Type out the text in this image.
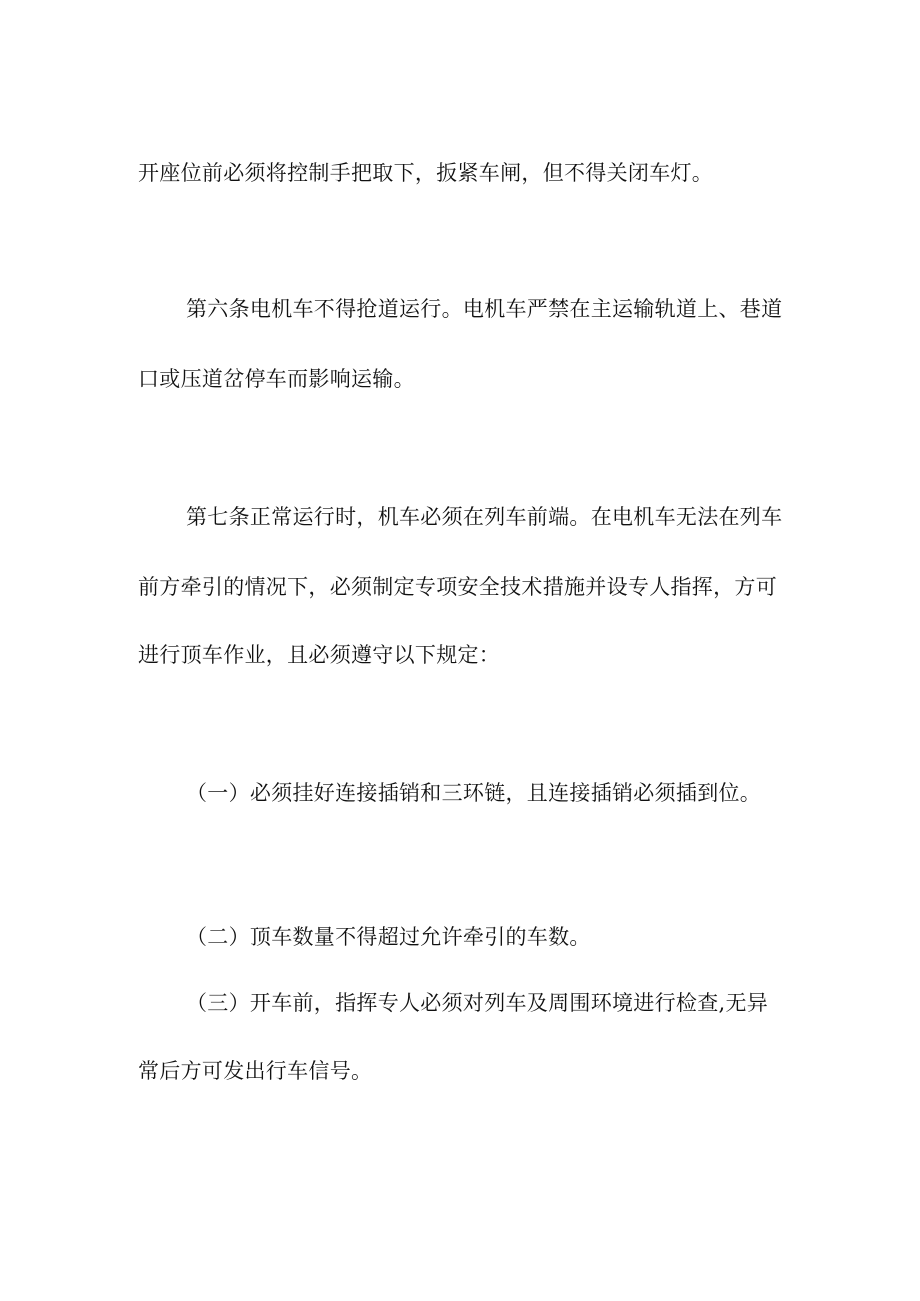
开座位前必须将控制手把取下，扳紧车闸，但不得关闭车灯。
第六条电机车不得抢道运行。电机车严禁在主运输轨道上、巷道
口或压道岔停车而影响运输。
第七条正常运行时，机车必须在列车前端。在电机车无法在列车
前方牵引的情况下，必须制定专项安全技术措施并设专人指挥，方可
进行顶车作业，且必须遵守以下规定：
（一）必须挂好连接插销和三环链，且连接插销必须插到位。
（二）顶车数量不得超过允许牵引的车数。
（三）开车前，指挥专人必须对列车及周围环境进行检查,无异
常后方可发出行车信号。
